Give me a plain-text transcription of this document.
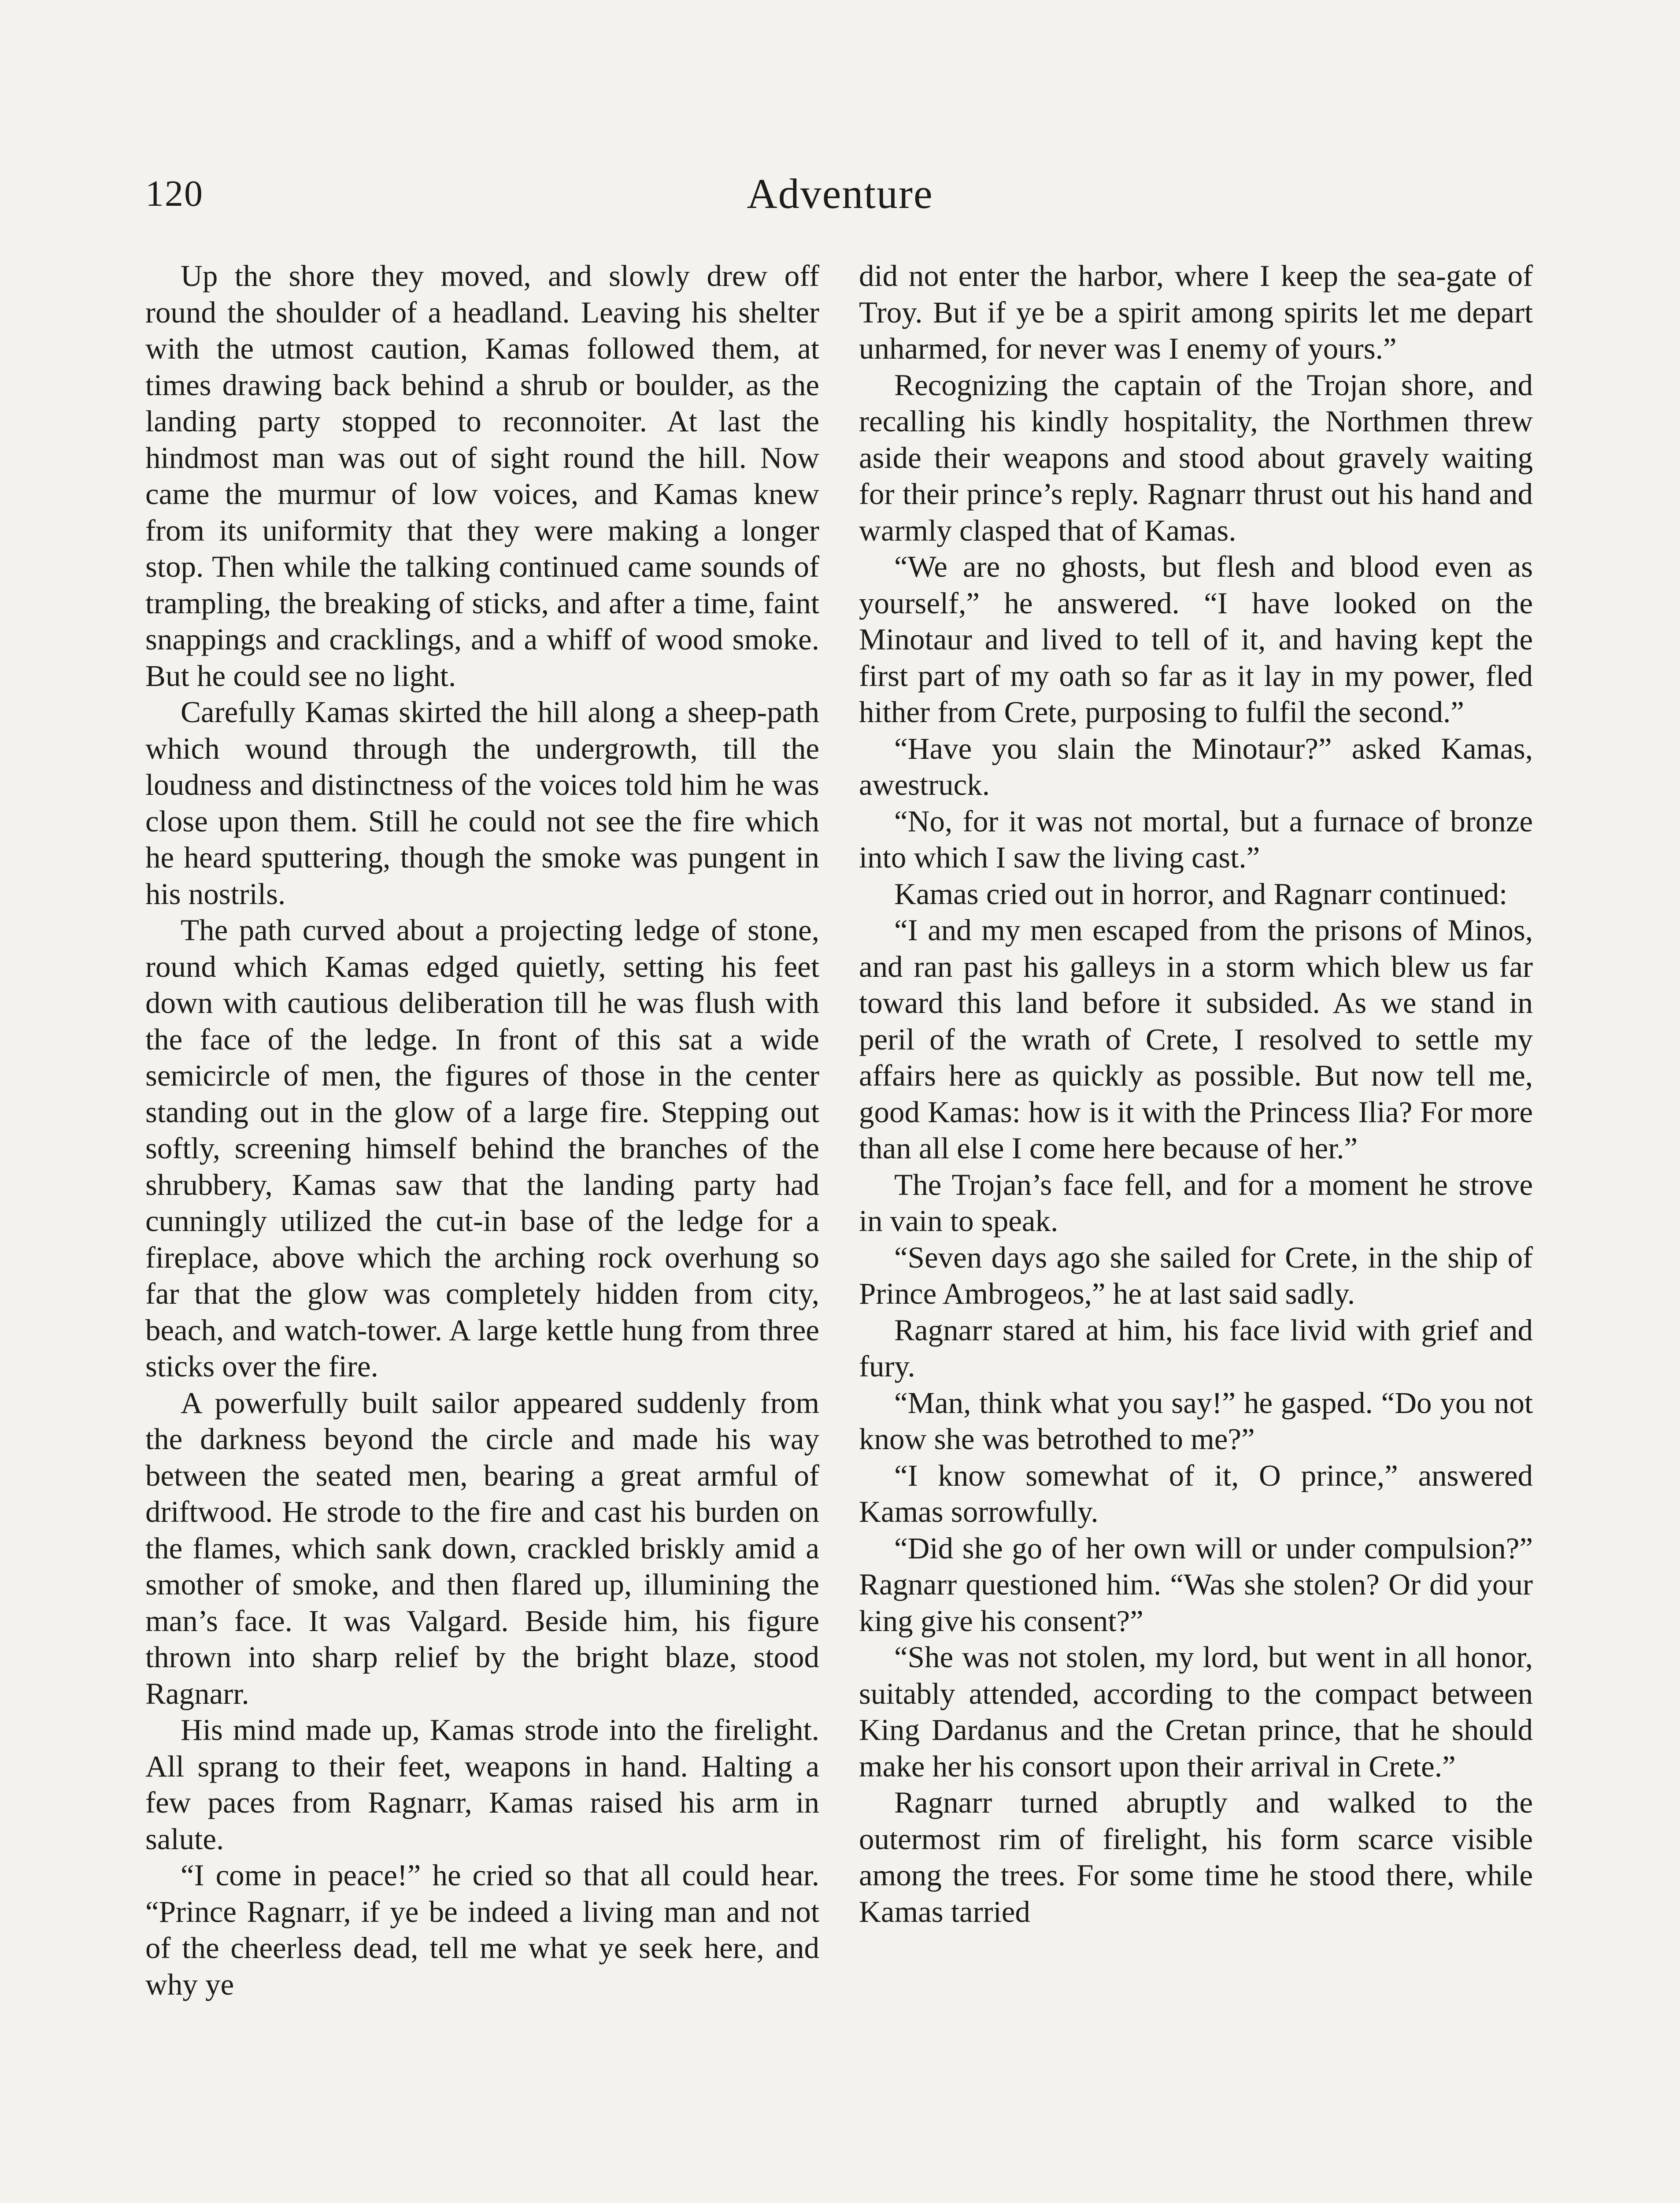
120	Adventure

Up the shore they moved, and slowly drew off round the shoulder of a headland. Leaving his shelter with the utmost caution, Kamas followed them, at times drawing back behind a shrub or boulder, as the landing party stopped to reconnoiter. At last the hindmost man was out of sight round the hill. Now came the murmur of low voices, and Kamas knew from its uniformity that they were making a longer stop. Then while the talking continued came sounds of trampling, the breaking of sticks, and after a time, faint snappings and cracklings, and a whiff of wood smoke. But he could see no light.

Carefully Kamas skirted the hill along a sheep-path which wound through the undergrowth, till the loudness and distinctness of the voices told him he was close upon them. Still he could not see the fire which he heard sputtering, though the smoke was pungent in his nostrils.

The path curved about a projecting ledge of stone, round which Kamas edged quietly, setting his feet down with cautious deliberation till he was flush with the face of the ledge. In front of this sat a wide semicircle of men, the figures of those in the center standing out in the glow of a large fire. Stepping out softly, screening himself behind the branches of the shrubbery, Kamas saw that the landing party had cunningly utilized the cut-in base of the ledge for a fireplace, above which the arching rock overhung so far that the glow was completely hidden from city, beach, and watch-tower. A large kettle hung from three sticks over the fire.

A powerfully built sailor appeared suddenly from the darkness beyond the circle and made his way between the seated men, bearing a great armful of driftwood. He strode to the fire and cast his burden on the flames, which sank down, crackled briskly amid a smother of smoke, and then flared up, illumining the man’s face. It was Valgard. Beside him, his figure thrown into sharp relief by the bright blaze, stood Ragnarr.

His mind made up, Kamas strode into the firelight. All sprang to their feet, weapons in hand. Halting a few paces from Ragnarr, Kamas raised his arm in salute.

“I come in peace!” he cried so that all could hear. “Prince Ragnarr, if ye be indeed a living man and not of the cheerless dead, tell me what ye seek here, and why ye

did not enter the harbor, where I keep the sea-gate of Troy. But if ye be a spirit among spirits let me depart unharmed, for never was I enemy of yours.”

Recognizing the captain of the Trojan shore, and recalling his kindly hospitality, the Northmen threw aside their weapons and stood about gravely waiting for their prince’s reply. Ragnarr thrust out his hand and warmly clasped that of Kamas.

“We are no ghosts, but flesh and blood even as yourself,” he answered. “I have looked on the Minotaur and lived to tell of it, and having kept the first part of my oath so far as it lay in my power, fled hither from Crete, purposing to fulfil the second.”

“Have you slain the Minotaur?” asked Kamas, awestruck.

“No, for it was not mortal, but a furnace of bronze into which I saw the living cast.”

Kamas cried out in horror, and Ragnarr continued:

“I and my men escaped from the prisons of Minos, and ran past his galleys in a storm which blew us far toward this land before it subsided. As we stand in peril of the wrath of Crete, I resolved to settle my affairs here as quickly as possible. But now tell me, good Kamas: how is it with the Princess Ilia? For more than all else I come here because of her.”

The Trojan’s face fell, and for a moment he strove in vain to speak.

“Seven days ago she sailed for Crete, in the ship of Prince Ambrogeos,” he at last said sadly.

Ragnarr stared at him, his face livid with grief and fury.

“Man, think what you say!” he gasped. “Do you not know she was betrothed to me?”

“I know somewhat of it, O prince,” answered Kamas sorrowfully.

“Did she go of her own will or under compulsion?” Ragnarr questioned him. “Was she stolen? Or did your king give his consent?”

“She was not stolen, my lord, but went in all honor, suitably attended, according to the compact between King Dardanus and the Cretan prince, that he should make her his consort upon their arrival in Crete.”

Ragnarr turned abruptly and walked to the outermost rim of firelight, his form scarce visible among the trees. For some time he stood there, while Kamas tarried
